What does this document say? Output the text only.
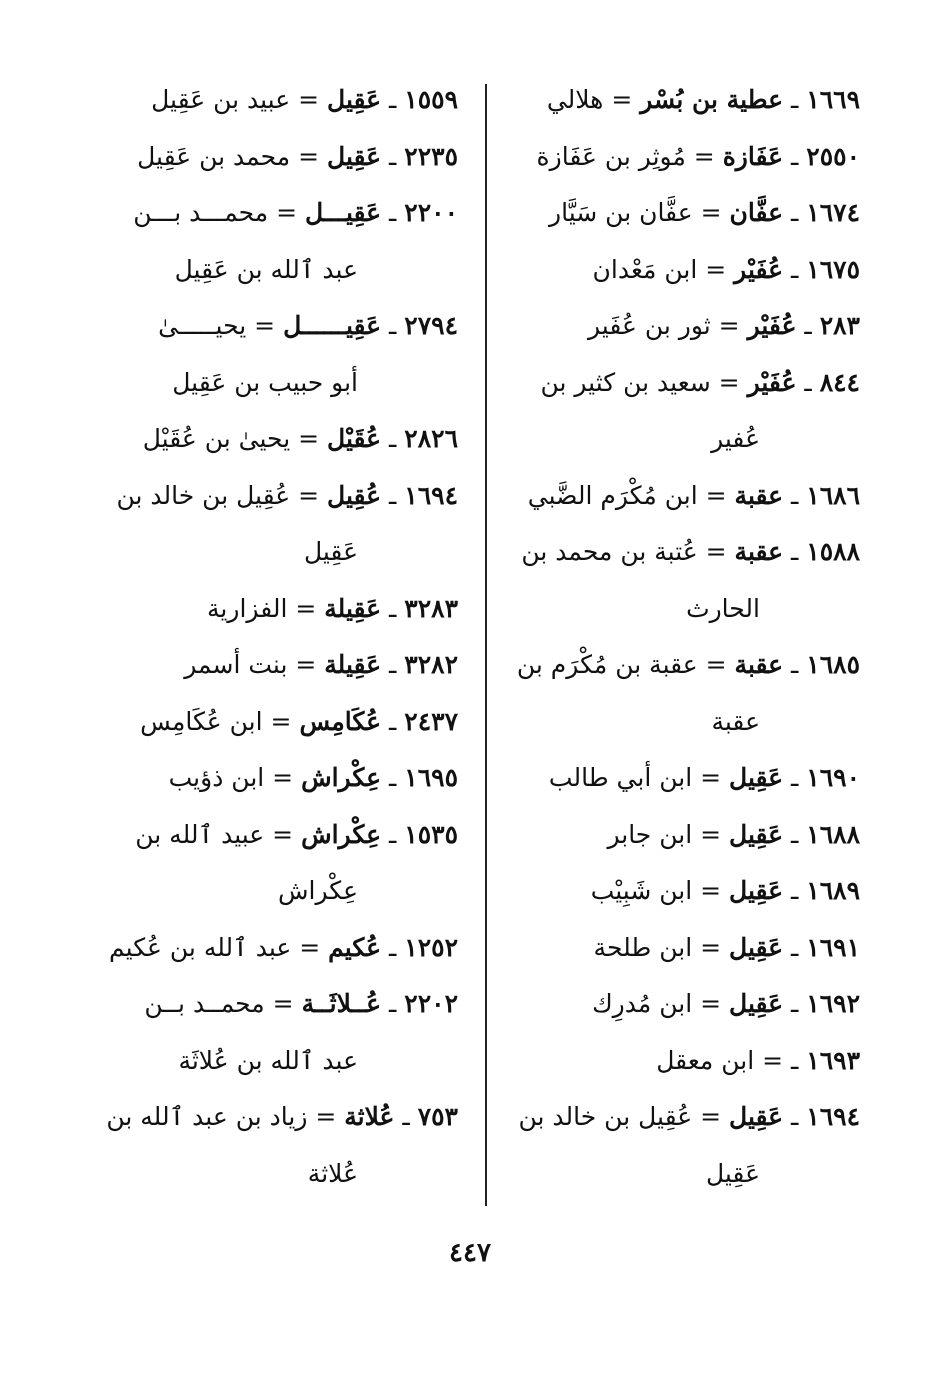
١٦٦٩ ـ عطية بن بُسْر = هلالي

٢٥٥٠ ـ عَفَازة = مُوثِر بن عَفَازة

١٦٧٤ ـ عفَّان = عفَّان بن سَيَّار

١٦٧٥ ـ عُفَيْر = ابن مَعْدان

٢٨٣ ـ عُفَيْر = ثور بن عُفَير

٨٤٤ ـ عُفَيْر = سعيد بن كثير بن
عُفير

١٦٨٦ ـ عقبة = ابن مُكْرَم الضَّبي

١٥٨٨ ـ عقبة = عُتبة بن محمد بن
الحارث

١٦٨٥ ـ عقبة = عقبة بن مُكْرَم بن
عقبة

١٦٩٠ ـ عَقِيل = ابن أبي طالب

١٦٨٨ ـ عَقِيل = ابن جابر

١٦٨٩ ـ عَقِيل = ابن شَبِيْب

١٦٩١ ـ عَقِيل = ابن طلحة

١٦٩٢ ـ عَقِيل = ابن مُدرِك

١٦٩٣ ـ = ابن معقل

١٦٩٤ ـ عَقِيل = عُقِيل بن خالد بن
عَقِيل

١٥٥٩ ـ عَقِيل = عبيد بن عَقِيل

٢٢٣٥ ـ عَقِيل = محمد بن عَقِيل

٢٢٠٠ ـ عَقِيـــل = محمـــد بـــن
عبد ٱلله بن عَقِيل

٢٧٩٤ ـ عَقِيــــــل = يحيـــــىٰ
أبو حبيب بن عَقِيل

٢٨٢٦ ـ عُقَيْل = يحيىٰ بن عُقَيْل

١٦٩٤ ـ عُقِيل = عُقِيل بن خالد بن
عَقِيل

٣٢٨٣ ـ عَقِيلة = الفزارية

٣٢٨٢ ـ عَقِيلة = بنت أسمر

٢٤٣٧ ـ عُكَامِس = ابن عُكَامِس

١٦٩٥ ـ عِكْراش = ابن ذؤيب

١٥٣٥ ـ عِكْراش = عبيد ٱلله بن
عِكْراش

١٢٥٢ ـ عُكيم = عبد ٱلله بن عُكيم

٢٢٠٢ ـ عُــلاثَــة = محمــد بــن
عبد ٱلله بن عُلاثَة

٧٥٣ ـ عُلاثة = زياد بن عبد ٱلله بن
عُلاثة

٤٤٧
